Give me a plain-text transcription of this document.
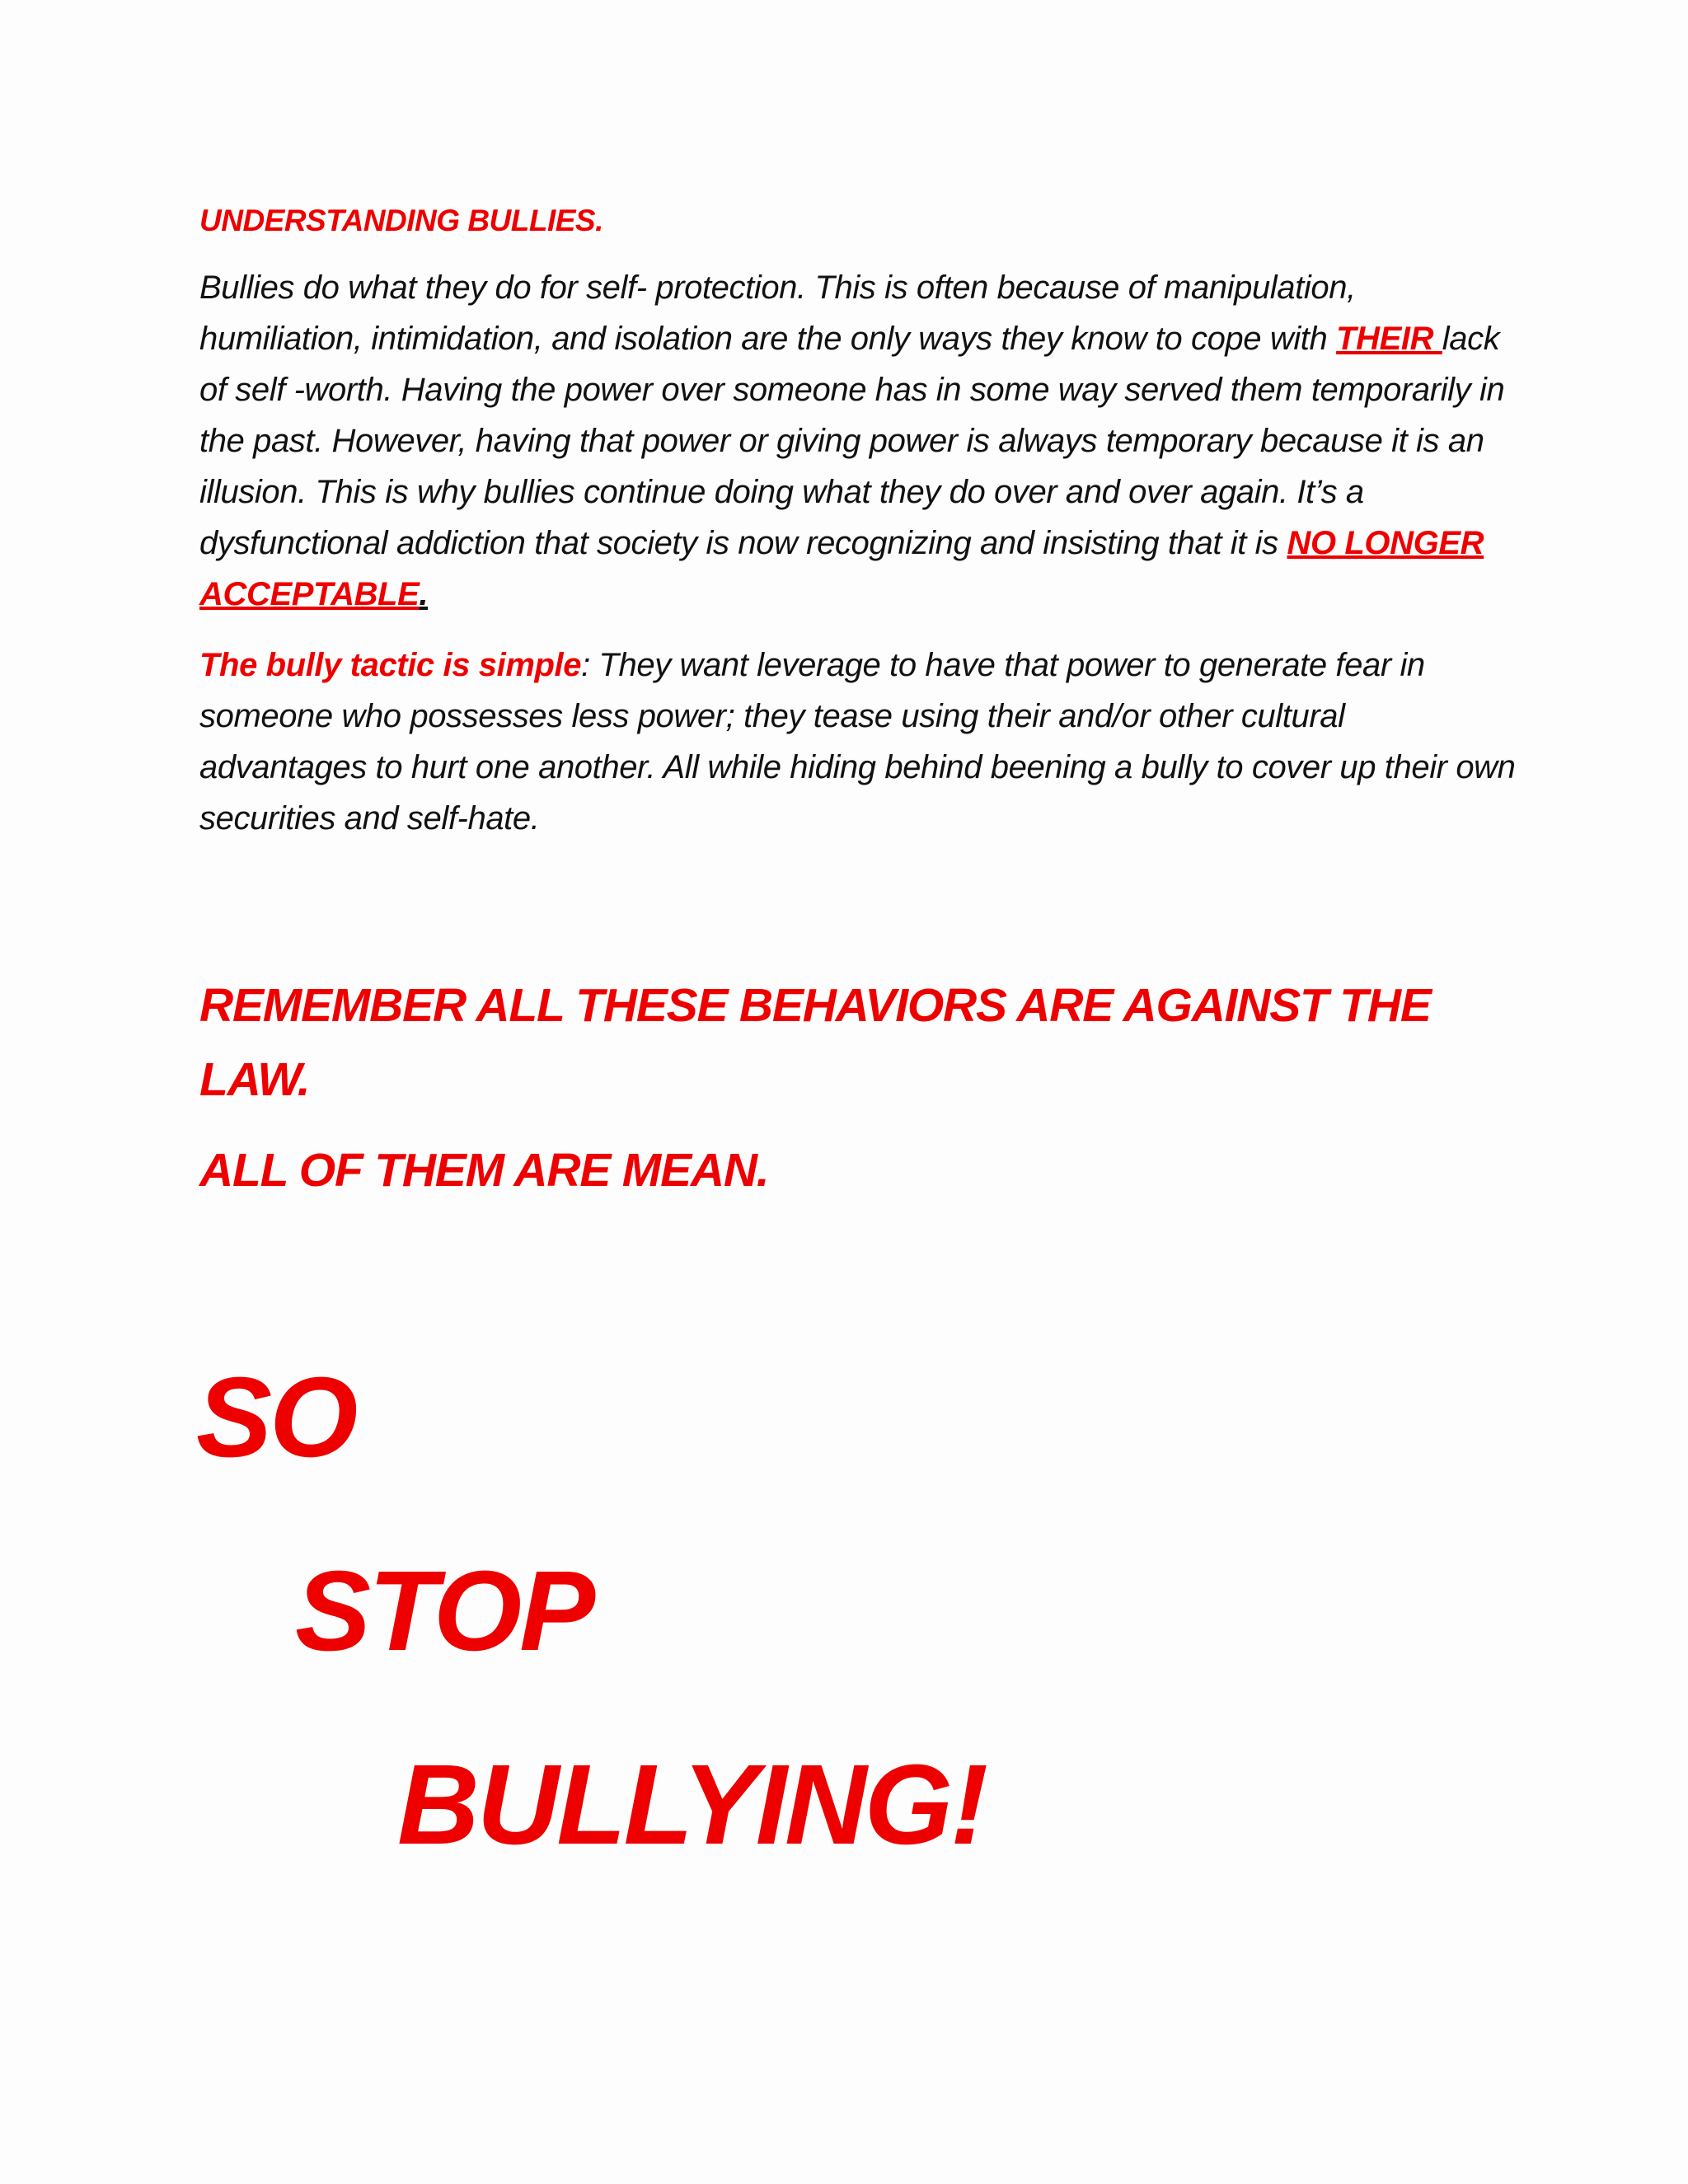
UNDERSTANDING BULLIES.

Bullies do what they do for self- protection. This is often because of manipulation, humiliation, intimidation, and isolation are the only ways they know to cope with THEIR lack of self -worth. Having the power over someone has in some way served them temporarily in the past. However, having that power or giving power is always temporary because it is an illusion. This is why bullies continue doing what they do over and over again. It’s a dysfunctional addiction that society is now recognizing and insisting that it is NO LONGER ACCEPTABLE.

The bully tactic is simple: They want leverage to have that power to generate fear in someone who possesses less power; they tease using their and/or other cultural advantages to hurt one another. All while hiding behind beening a bully to cover up their own securities and self-hate.

REMEMBER ALL THESE BEHAVIORS ARE AGAINST THE LAW.

ALL OF THEM ARE MEAN.

SO

STOP

BULLYING!
